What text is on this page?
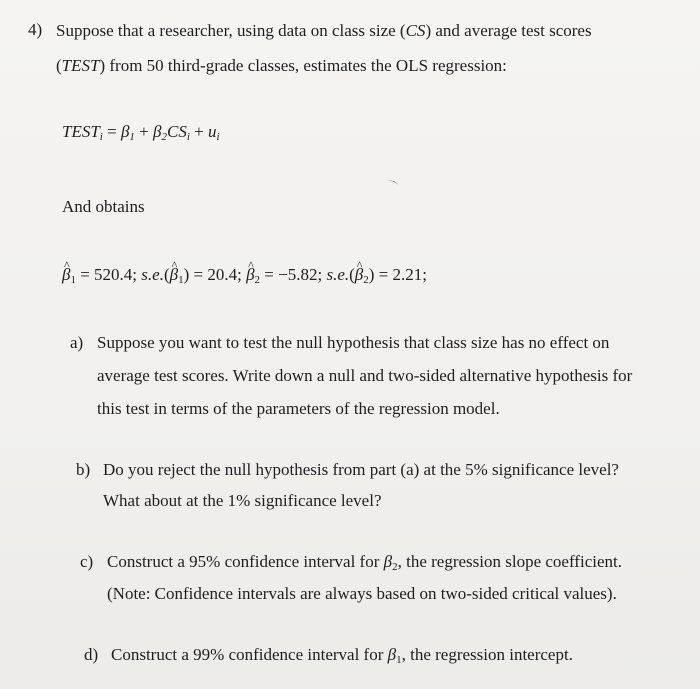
4) Suppose that a researcher, using data on class size (CS) and average test scores
(TEST) from 50 third-grade classes, estimates the OLS regression:
$TEST_i = \beta_1 + \beta_2CS_i + u_i$
⌒
And obtains
^ $\beta_1 = 520.4$; s.e.(^ $\beta_1) = 20.4$; ^ $\beta_2 = -5.82$; s.e.(^ $\beta_2) = 2.21$;
a) Suppose you want to test the null hypothesis that class size has no effect on
average test scores. Write down a null and two-sided alternative hypothesis for
this test in terms of the parameters of the regression model.
b) Do you reject the null hypothesis from part (a) at the 5% significance level?
What about at the 1% significance level?
c) Construct a 95% confidence interval for $\beta_2$, the regression slope coefficient.
(Note: Confidence intervals are always based on two-sided critical values).
d) Construct a 99% confidence interval for $\beta_1$, the regression intercept.
